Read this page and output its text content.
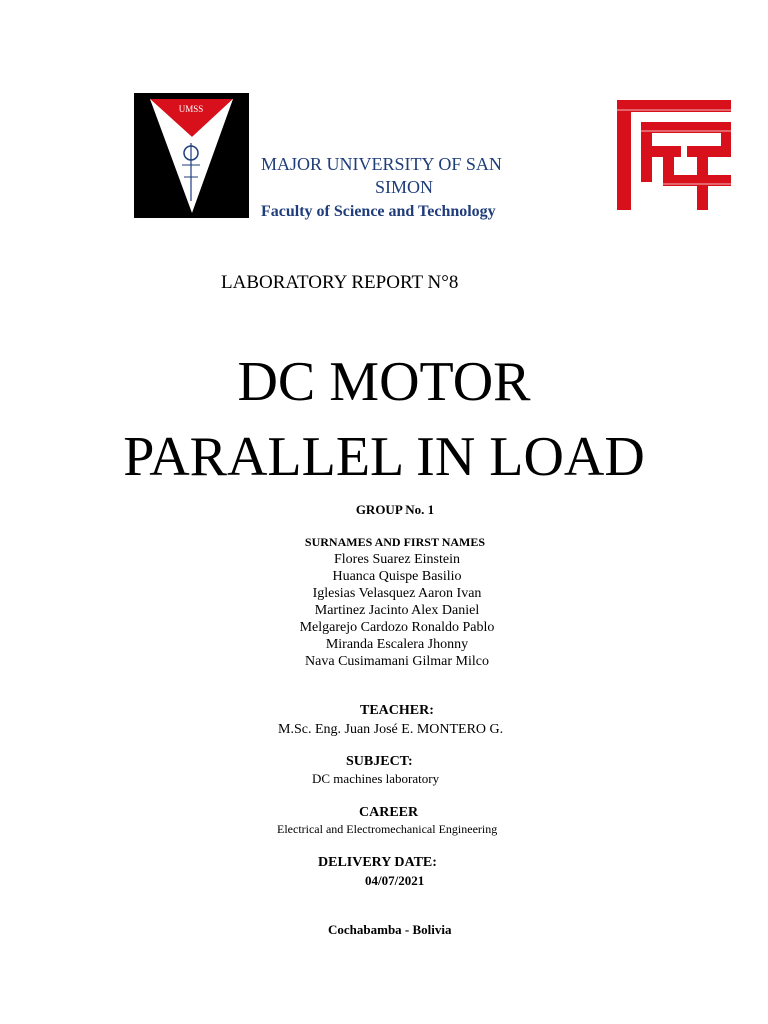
UMSS
MAJOR UNIVERSITY OF SAN
SIMON
Faculty of Science and Technology
LABORATORY REPORT N°8
DC MOTOR
PARALLEL IN LOAD
GROUP No. 1
SURNAMES AND FIRST NAMES
Flores Suarez Einstein
Huanca Quispe Basilio
Iglesias Velasquez Aaron Ivan
Martinez Jacinto Alex Daniel
Melgarejo Cardozo Ronaldo Pablo
Miranda Escalera Jhonny
Nava Cusimamani Gilmar Milco
TEACHER:
M.Sc. Eng. Juan José E. MONTERO G.
SUBJECT:
DC machines laboratory
CAREER
Electrical and Electromechanical Engineering
DELIVERY DATE:
04/07/2021
Cochabamba - Bolivia
